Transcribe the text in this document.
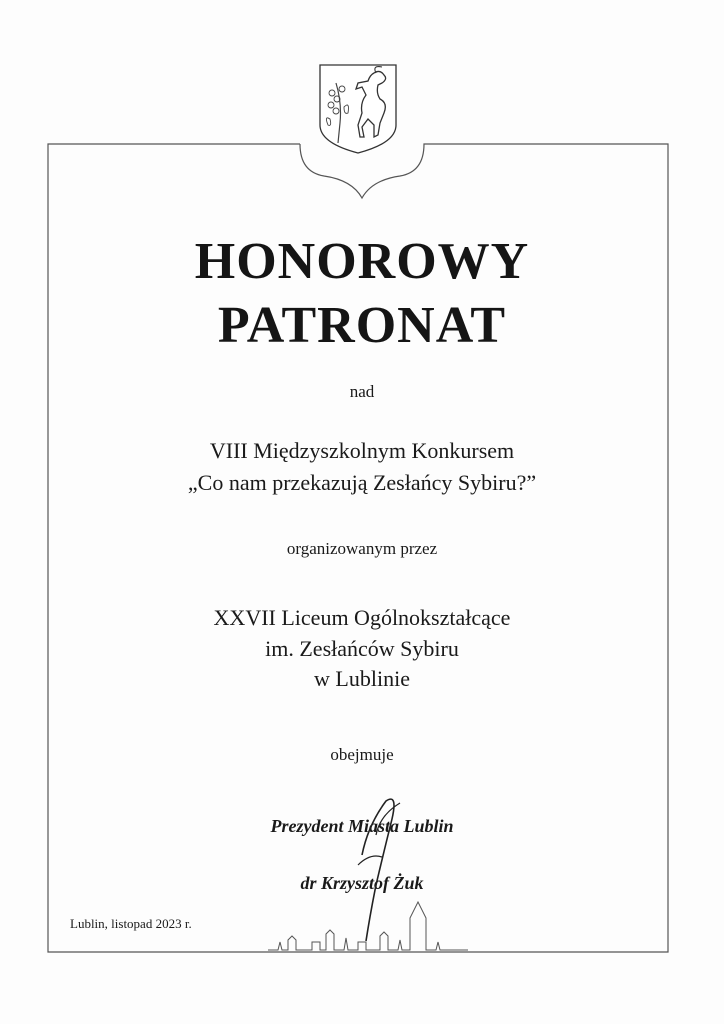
HONOROWY
PATRONAT
nad
VIII Międzyszkolnym Konkursem
„Co nam przekazują Zesłańcy Sybiru?”
organizowanym przez
XXVII Liceum Ogólnokształcące
im. Zesłańców Sybiru
w Lublinie
obejmuje
Prezydent Miasta Lublin
dr Krzysztof Żuk
Lublin, listopad 2023 r.
